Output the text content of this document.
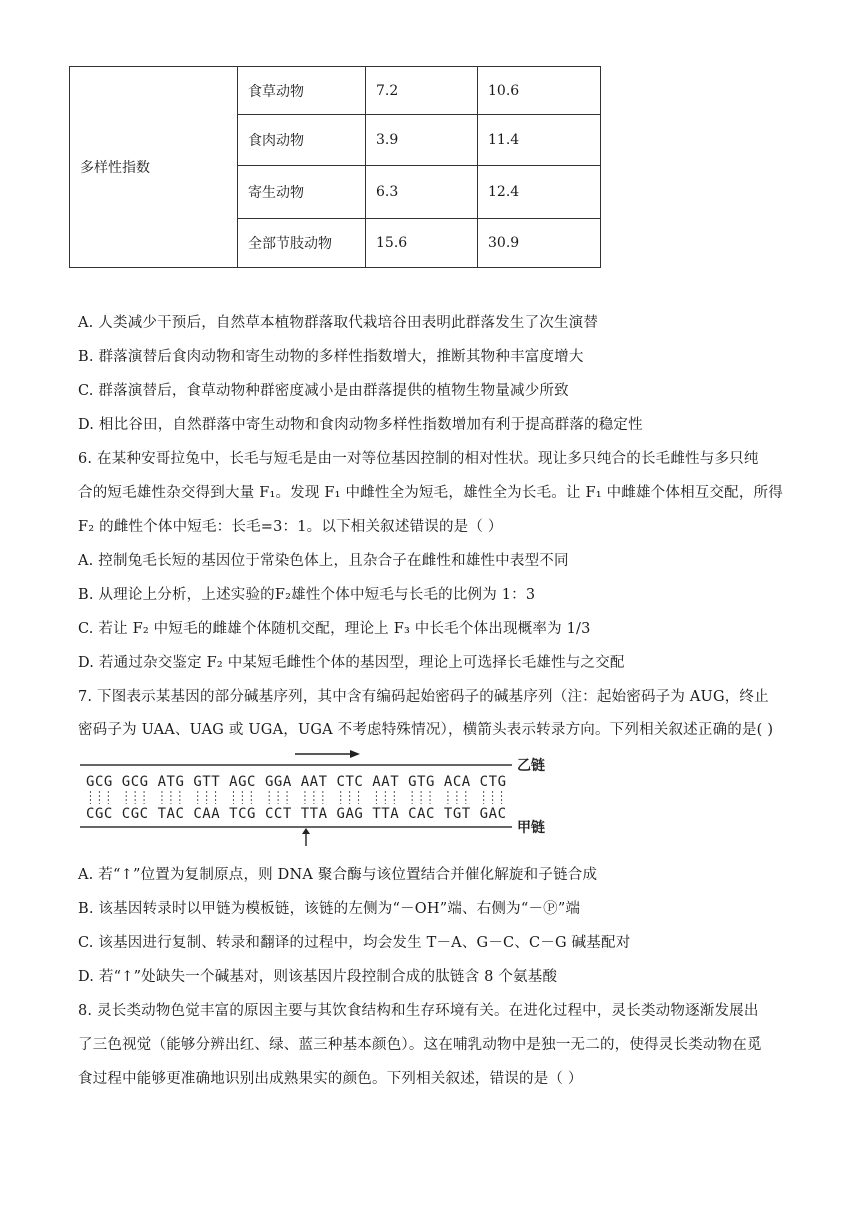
多样性指数	食草动物	7.2	10.6
	食肉动物	3.9	11.4
	寄生动物	6.3	12.4
	全部节肢动物	15.6	30.9
A. 人类减少干预后，自然草本植物群落取代栽培谷田表明此群落发生了次生演替
B. 群落演替后食肉动物和寄生动物的多样性指数增大，推断其物种丰富度增大
C. 群落演替后，食草动物种群密度减小是由群落提供的植物生物量减少所致
D. 相比谷田，自然群落中寄生动物和食肉动物多样性指数增加有利于提高群落的稳定性
6. 在某种安哥拉兔中，长毛与短毛是由一对等位基因控制的相对性状。现让多只纯合的长毛雌性与多只纯
合的短毛雄性杂交得到大量 F₁。发现 F₁ 中雌性全为短毛，雄性全为长毛。让 F₁ 中雌雄个体相互交配，所得
F₂ 的雌性个体中短毛：长毛=3：1。以下相关叙述错误的是（ ）
A. 控制兔毛长短的基因位于常染色体上，且杂合子在雌性和雄性中表型不同
B. 从理论上分析，上述实验的F₂雄性个体中短毛与长毛的比例为 1：3
C. 若让 F₂ 中短毛的雌雄个体随机交配，理论上 F₃ 中长毛个体出现概率为 1/3
D. 若通过杂交鉴定 F₂ 中某短毛雌性个体的基因型，理论上可选择长毛雄性与之交配
7. 下图表示某基因的部分碱基序列，其中含有编码起始密码子的碱基序列（注：起始密码子为 AUG，终止
密码子为 UAA、UAG 或 UGA，UGA 不考虑特殊情况），横箭头表示转录方向。下列相关叙述正确的是( )
GCG GCG ATG GTT AGC GGA AAT CTC AAT GTG ACA CTG
乙链
CGC CGC TAC CAA TCG CCT TTA GAG TTA CAC TGT GAC
甲链
A. 若“↑”位置为复制原点，则 DNA 聚合酶与该位置结合并催化解旋和子链合成
B. 该基因转录时以甲链为模板链，该链的左侧为“－OH”端、右侧为“－Ⓟ”端
C. 该基因进行复制、转录和翻译的过程中，均会发生 T－A、G－C、C－G 碱基配对
D. 若“↑”处缺失一个碱基对，则该基因片段控制合成的肽链含 8 个氨基酸
8. 灵长类动物色觉丰富的原因主要与其饮食结构和生存环境有关。在进化过程中，灵长类动物逐渐发展出
了三色视觉（能够分辨出红、绿、蓝三种基本颜色）。这在哺乳动物中是独一无二的，使得灵长类动物在觅
食过程中能够更准确地识别出成熟果实的颜色。下列相关叙述，错误的是（ ）
